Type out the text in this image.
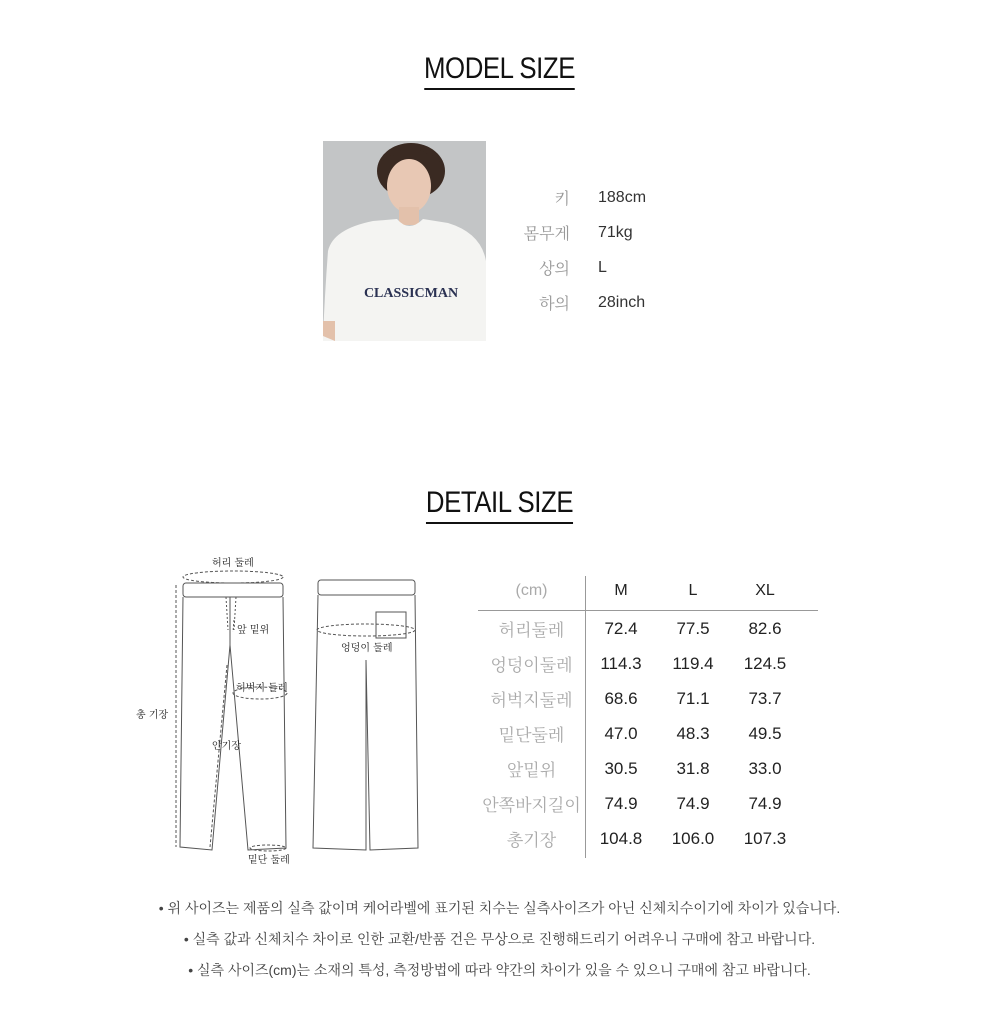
MODEL SIZE
CLASSICMAN
키 188cm
몸무게 71kg
상의 L
하의 28inch
DETAIL SIZE
허리 둘레
앞 밑위
허벅지 둘레
총 기장
안기장
밑단 둘레
엉덩이 둘레
(cm)	M	L	XL
허리둘레	72.4	77.5	82.6
엉덩이둘레	114.3	119.4	124.5
허벅지둘레	68.6	71.1	73.7
밑단둘레	47.0	48.3	49.5
앞밑위	30.5	31.8	33.0
안쪽바지길이	74.9	74.9	74.9
총기장	104.8	106.0	107.3
• 위 사이즈는 제품의 실측 값이며 케어라벨에 표기된 치수는 실측사이즈가 아닌 신체치수이기에 차이가 있습니다.
• 실측 값과 신체치수 차이로 인한 교환/반품 건은 무상으로 진행해드리기 어려우니 구매에 참고 바랍니다.
• 실측 사이즈(cm)는 소재의 특성, 측정방법에 따라 약간의 차이가 있을 수 있으니 구매에 참고 바랍니다.
